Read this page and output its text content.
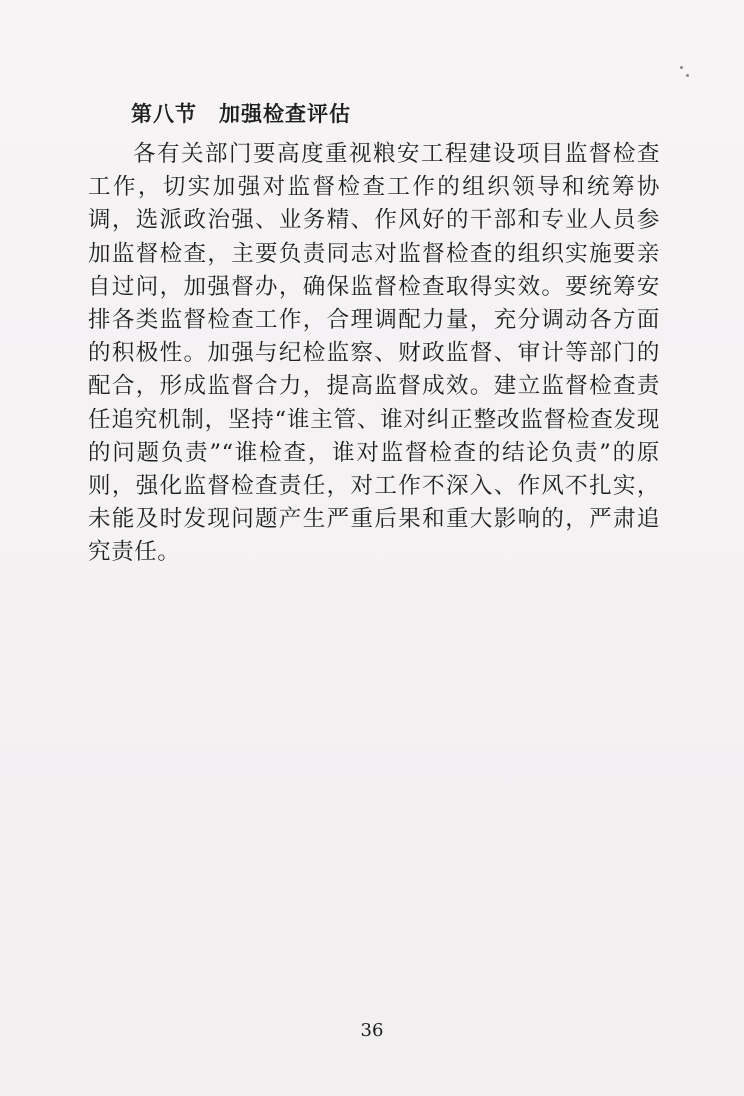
第八节　加强检查评估

各有关部门要高度重视粮安工程建设项目监督检查工作，切实加强对监督检查工作的组织领导和统筹协调，选派政治强、业务精、作风好的干部和专业人员参加监督检查，主要负责同志对监督检查的组织实施要亲自过问，加强督办，确保监督检查取得实效。要统筹安排各类监督检查工作，合理调配力量，充分调动各方面的积极性。加强与纪检监察、财政监督、审计等部门的配合，形成监督合力，提高监督成效。建立监督检查责任追究机制，坚持“谁主管、谁对纠正整改监督检查发现的问题负责”“谁检查，谁对监督检查的结论负责”的原则，强化监督检查责任，对工作不深入、作风不扎实，未能及时发现问题产生严重后果和重大影响的，严肃追究责任。

36
